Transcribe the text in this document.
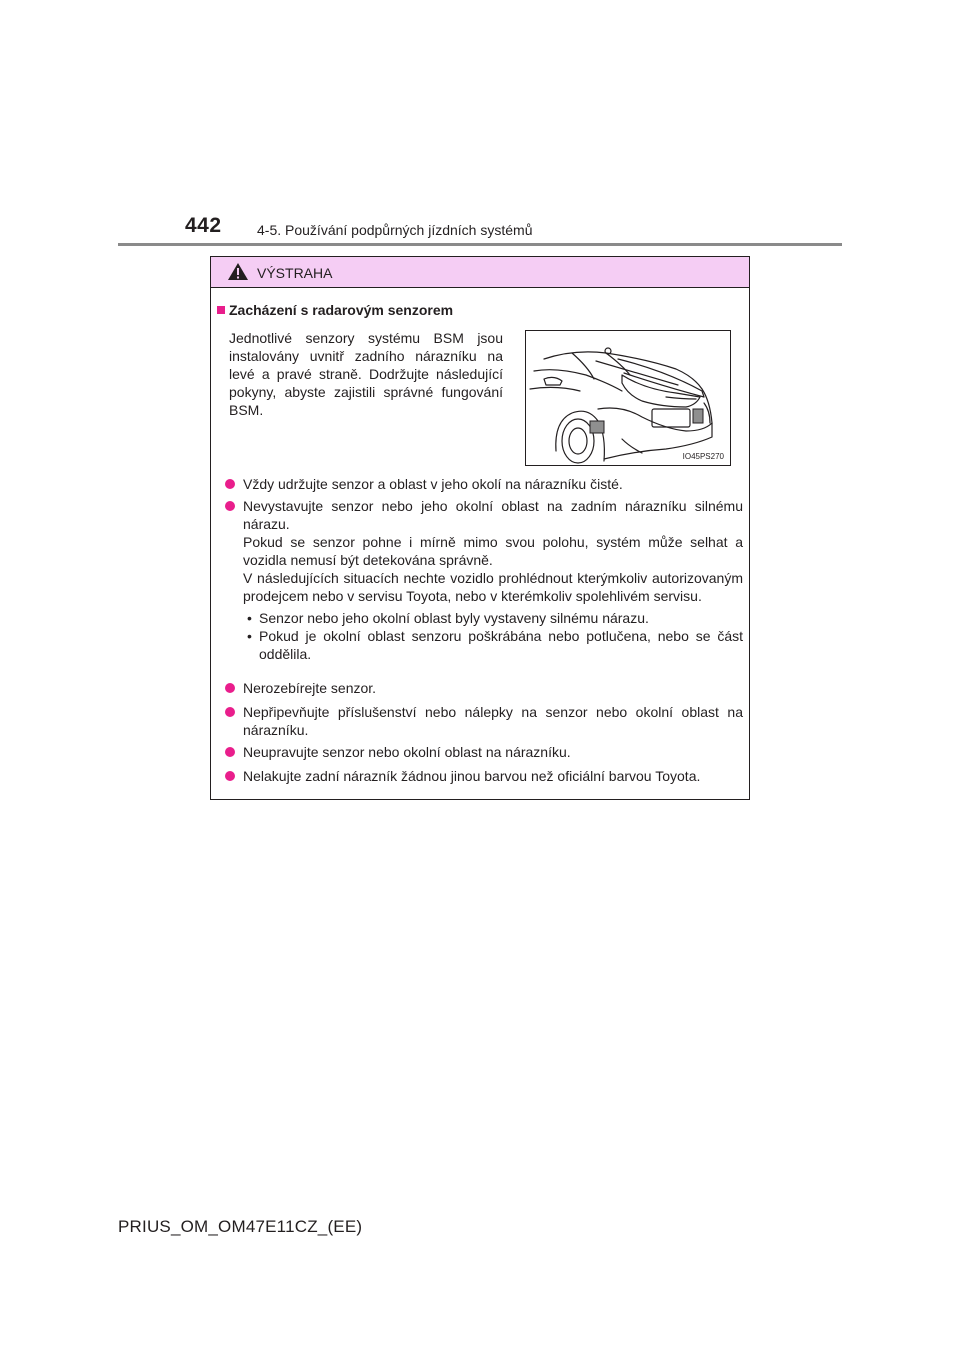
442	4-5. Používání podpůrných jízdních systémů
VÝSTRAHA
Zacházení s radarovým senzorem
Jednotlivé senzory systému BSM jsou instalovány uvnitř zadního nárazníku na levé a pravé straně. Dodržujte následující pokyny, abyste zajistili správné fungování BSM.
IO45PS270
Vždy udržujte senzor a oblast v jeho okolí na nárazníku čisté.

Nevystavujte senzor nebo jeho okolní oblast na zadním nárazníku silnému nárazu.

Pokud se senzor pohne i mírně mimo svou polohu, systém může selhat a vozidla nemusí být detekována správně.

V následujících situacích nechte vozidlo prohlédnout kterýmkoliv autorizovaným prodejcem nebo v servisu Toyota, nebo v kterémkoliv spolehlivém servisu.

• Senzor nebo jeho okolní oblast byly vystaveny silnému nárazu.
• Pokud je okolní oblast senzoru poškrábána nebo potlučena, nebo se část oddělila.
Nerozebírejte senzor.
Nepřipevňujte příslušenství nebo nálepky na senzor nebo okolní oblast na nárazníku.
Neupravujte senzor nebo okolní oblast na nárazníku.
Nelakujte zadní nárazník žádnou jinou barvou než oficiální barvou Toyota.
PRIUS_OM_OM47E11CZ_(EE)
